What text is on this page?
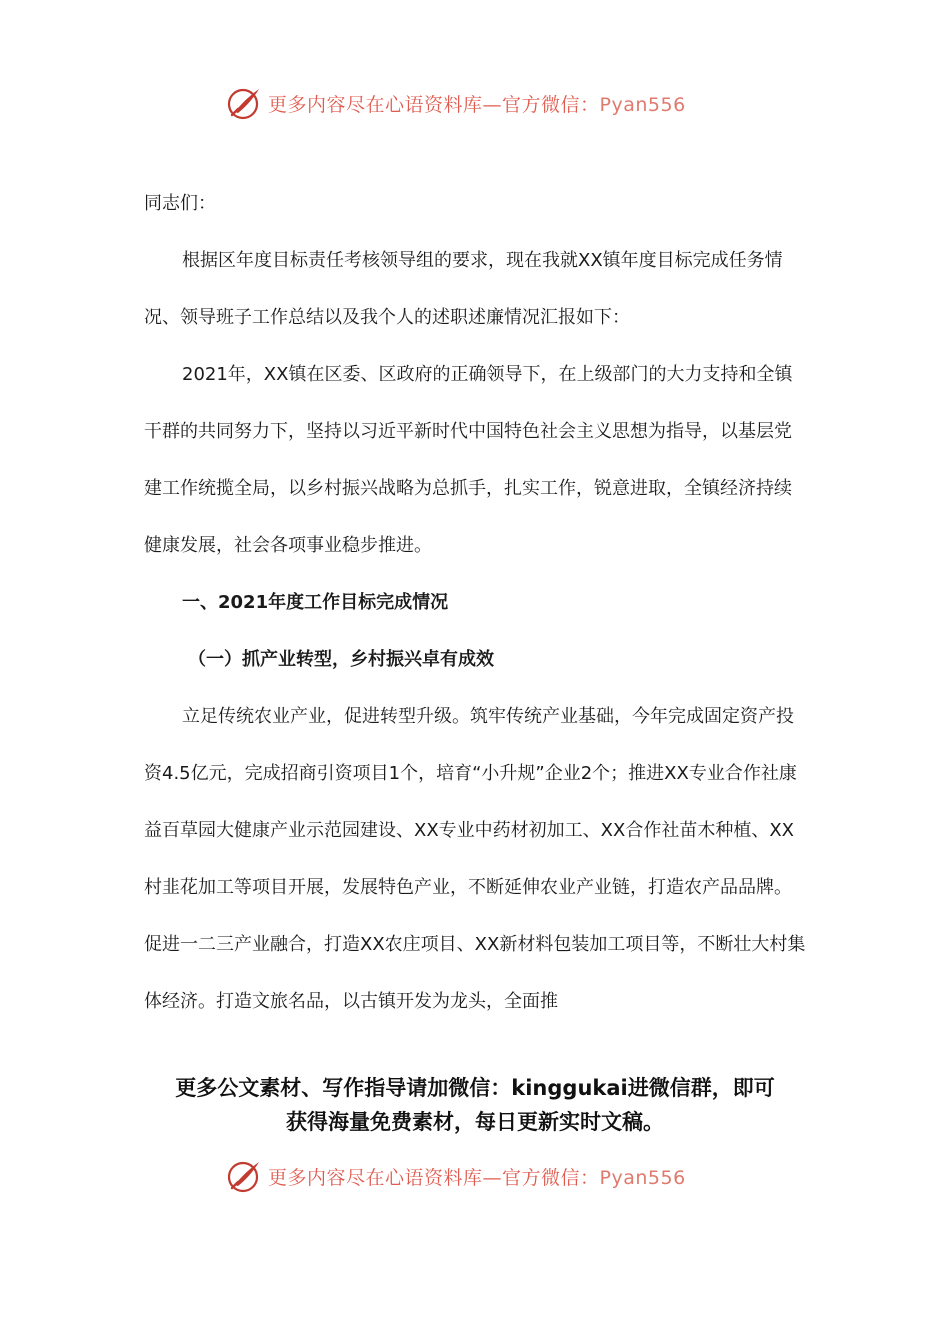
更多内容尽在心语资料库—官方微信：Pyan556

同志们：

根据区年度目标责任考核领导组的要求，现在我就XX镇年度目标完成任务情况、领导班子工作总结以及我个人的述职述廉情况汇报如下：

2021年，XX镇在区委、区政府的正确领导下，在上级部门的大力支持和全镇干群的共同努力下，坚持以习近平新时代中国特色社会主义思想为指导，以基层党建工作统揽全局，以乡村振兴战略为总抓手，扎实工作，锐意进取，全镇经济持续健康发展，社会各项事业稳步推进。

一、2021年度工作目标完成情况

（一）抓产业转型，乡村振兴卓有成效

立足传统农业产业，促进转型升级。筑牢传统产业基础，今年完成固定资产投资4.5亿元，完成招商引资项目1个，培育“小升规”企业2个；推进XX专业合作社康益百草园大健康产业示范园建设、XX专业中药材初加工、XX合作社苗木种植、XX村韭花加工等项目开展，发展特色产业，不断延伸农业产业链，打造农产品品牌。促进一二三产业融合，打造XX农庄项目、XX新材料包装加工项目等，不断壮大村集体经济。打造文旅名品，以古镇开发为龙头，全面推

更多公文素材、写作指导请加微信：kinggukai进微信群，即可
获得海量免费素材，每日更新实时文稿。
更多内容尽在心语资料库—官方微信：Pyan556
